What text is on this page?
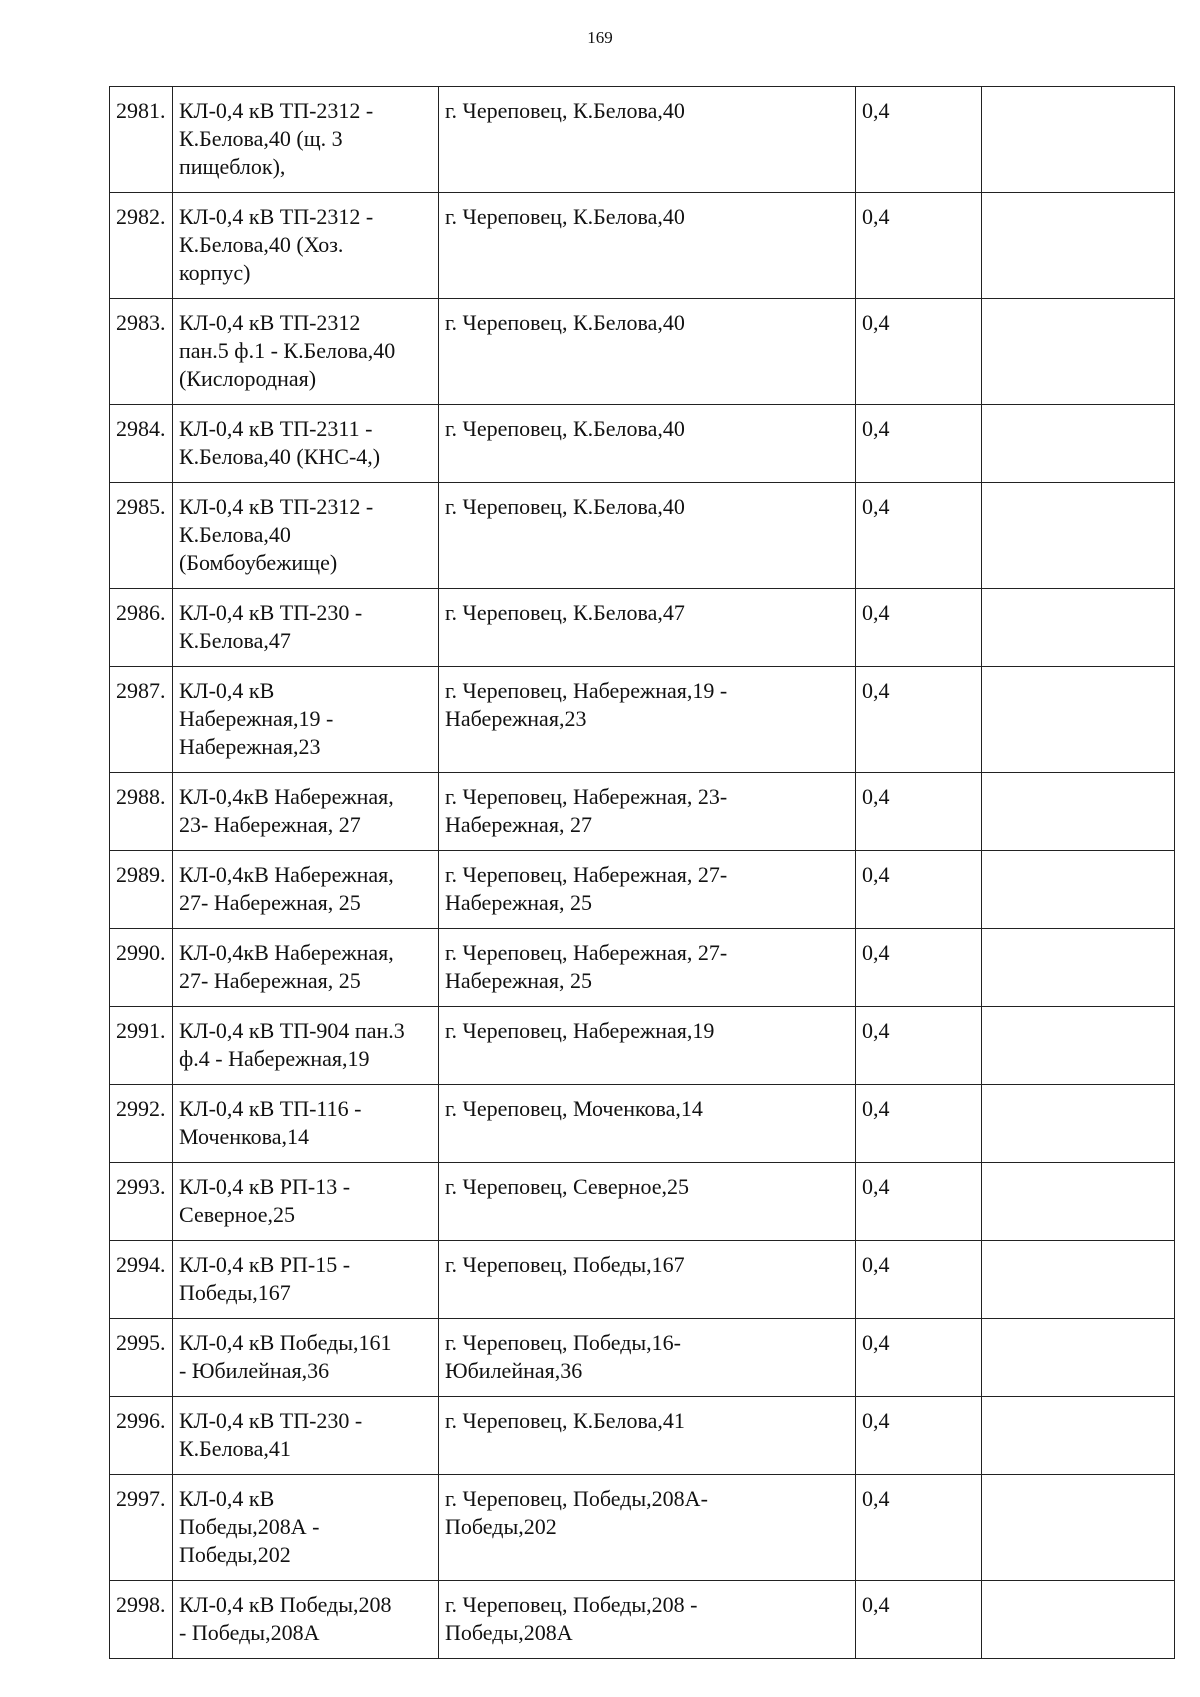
169
2981.	КЛ-0,4 кВ ТП-2312 -
К.Белова,40 (щ. 3
пищеблок),	г. Череповец, К.Белова,40	0,4	
2982.	КЛ-0,4 кВ ТП-2312 -
К.Белова,40 (Хоз.
корпус)	г. Череповец, К.Белова,40	0,4	
2983.	КЛ-0,4 кВ ТП-2312
пан.5 ф.1 - К.Белова,40
(Кислородная)	г. Череповец, К.Белова,40	0,4	
2984.	КЛ-0,4 кВ ТП-2311 -
К.Белова,40 (КНС-4,)	г. Череповец, К.Белова,40	0,4	
2985.	КЛ-0,4 кВ ТП-2312 -
К.Белова,40
(Бомбоубежище)	г. Череповец, К.Белова,40	0,4	
2986.	КЛ-0,4 кВ ТП-230 -
К.Белова,47	г. Череповец, К.Белова,47	0,4	
2987.	КЛ-0,4 кВ
Набережная,19 -
Набережная,23	г. Череповец, Набережная,19 -
Набережная,23	0,4	
2988.	КЛ-0,4кВ Набережная,
23- Набережная, 27	г. Череповец, Набережная, 23-
Набережная, 27	0,4	
2989.	КЛ-0,4кВ Набережная,
27- Набережная, 25	г. Череповец, Набережная, 27-
Набережная, 25	0,4	
2990.	КЛ-0,4кВ Набережная,
27- Набережная, 25	г. Череповец, Набережная, 27-
Набережная, 25	0,4	
2991.	КЛ-0,4 кВ ТП-904 пан.3
ф.4 - Набережная,19	г. Череповец, Набережная,19	0,4	
2992.	КЛ-0,4 кВ ТП-116 -
Моченкова,14	г. Череповец, Моченкова,14	0,4	
2993.	КЛ-0,4 кВ РП-13 -
Северное,25	г. Череповец, Северное,25	0,4	
2994.	КЛ-0,4 кВ РП-15 -
Победы,167	г. Череповец, Победы,167	0,4	
2995.	КЛ-0,4 кВ Победы,161
- Юбилейная,36	г. Череповец, Победы,16-
Юбилейная,36	0,4	
2996.	КЛ-0,4 кВ ТП-230 -
К.Белова,41	г. Череповец, К.Белова,41	0,4	
2997.	КЛ-0,4 кВ
Победы,208А -
Победы,202	г. Череповец, Победы,208А-
Победы,202	0,4	
2998.	КЛ-0,4 кВ Победы,208
- Победы,208А	г. Череповец, Победы,208 -
Победы,208А	0,4	
